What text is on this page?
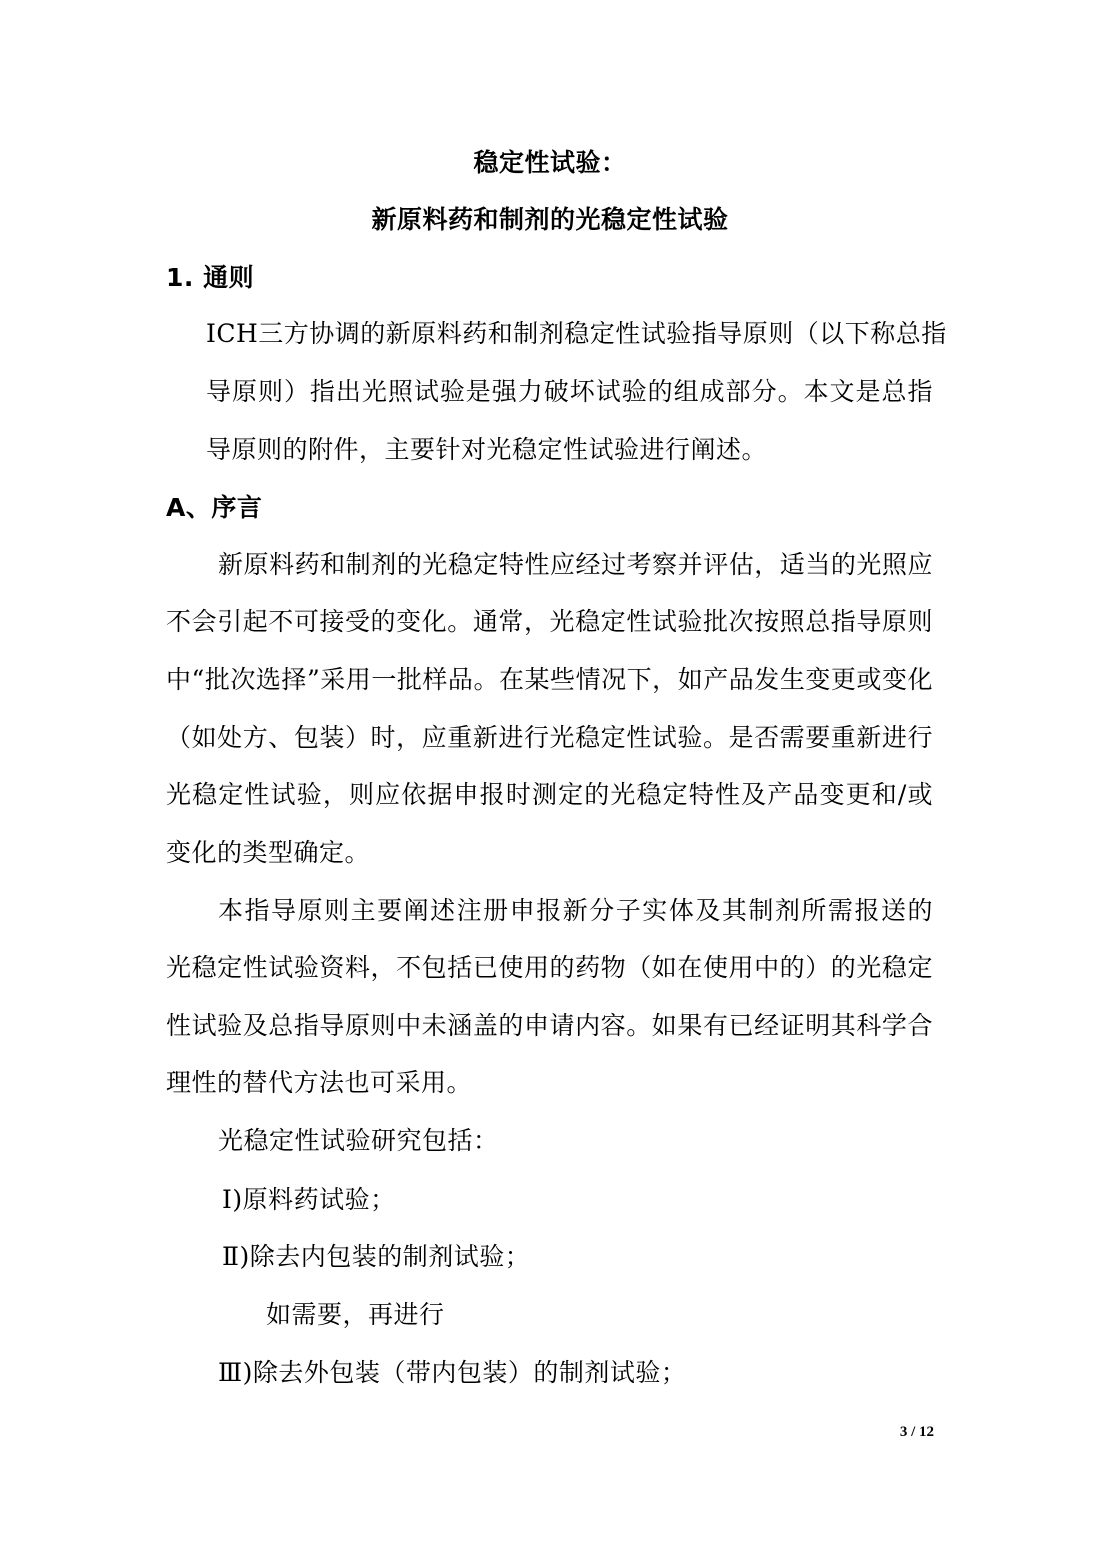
稳定性试验：
新原料药和制剂的光稳定性试验
1. 通则
ICH三方协调的新原料药和制剂稳定性试验指导原则（以下称总指
导原则）指出光照试验是强力破坏试验的组成部分。本文是总指
导原则的附件，主要针对光稳定性试验进行阐述。
A、序言
新原料药和制剂的光稳定特性应经过考察并评估，适当的光照应
不会引起不可接受的变化。通常，光稳定性试验批次按照总指导原则
中“批次选择”采用一批样品。在某些情况下，如产品发生变更或变化
（如处方、包装）时，应重新进行光稳定性试验。是否需要重新进行
光稳定性试验，则应依据申报时测定的光稳定特性及产品变更和/或
变化的类型确定。
本指导原则主要阐述注册申报新分子实体及其制剂所需报送的
光稳定性试验资料，不包括已使用的药物（如在使用中的）的光稳定
性试验及总指导原则中未涵盖的申请内容。如果有已经证明其科学合
理性的替代方法也可采用。
光稳定性试验研究包括：
Ⅰ)原料药试验；
Ⅱ)除去内包装的制剂试验；
如需要，再进行
Ⅲ)除去外包装（带内包装）的制剂试验；
3 / 12
